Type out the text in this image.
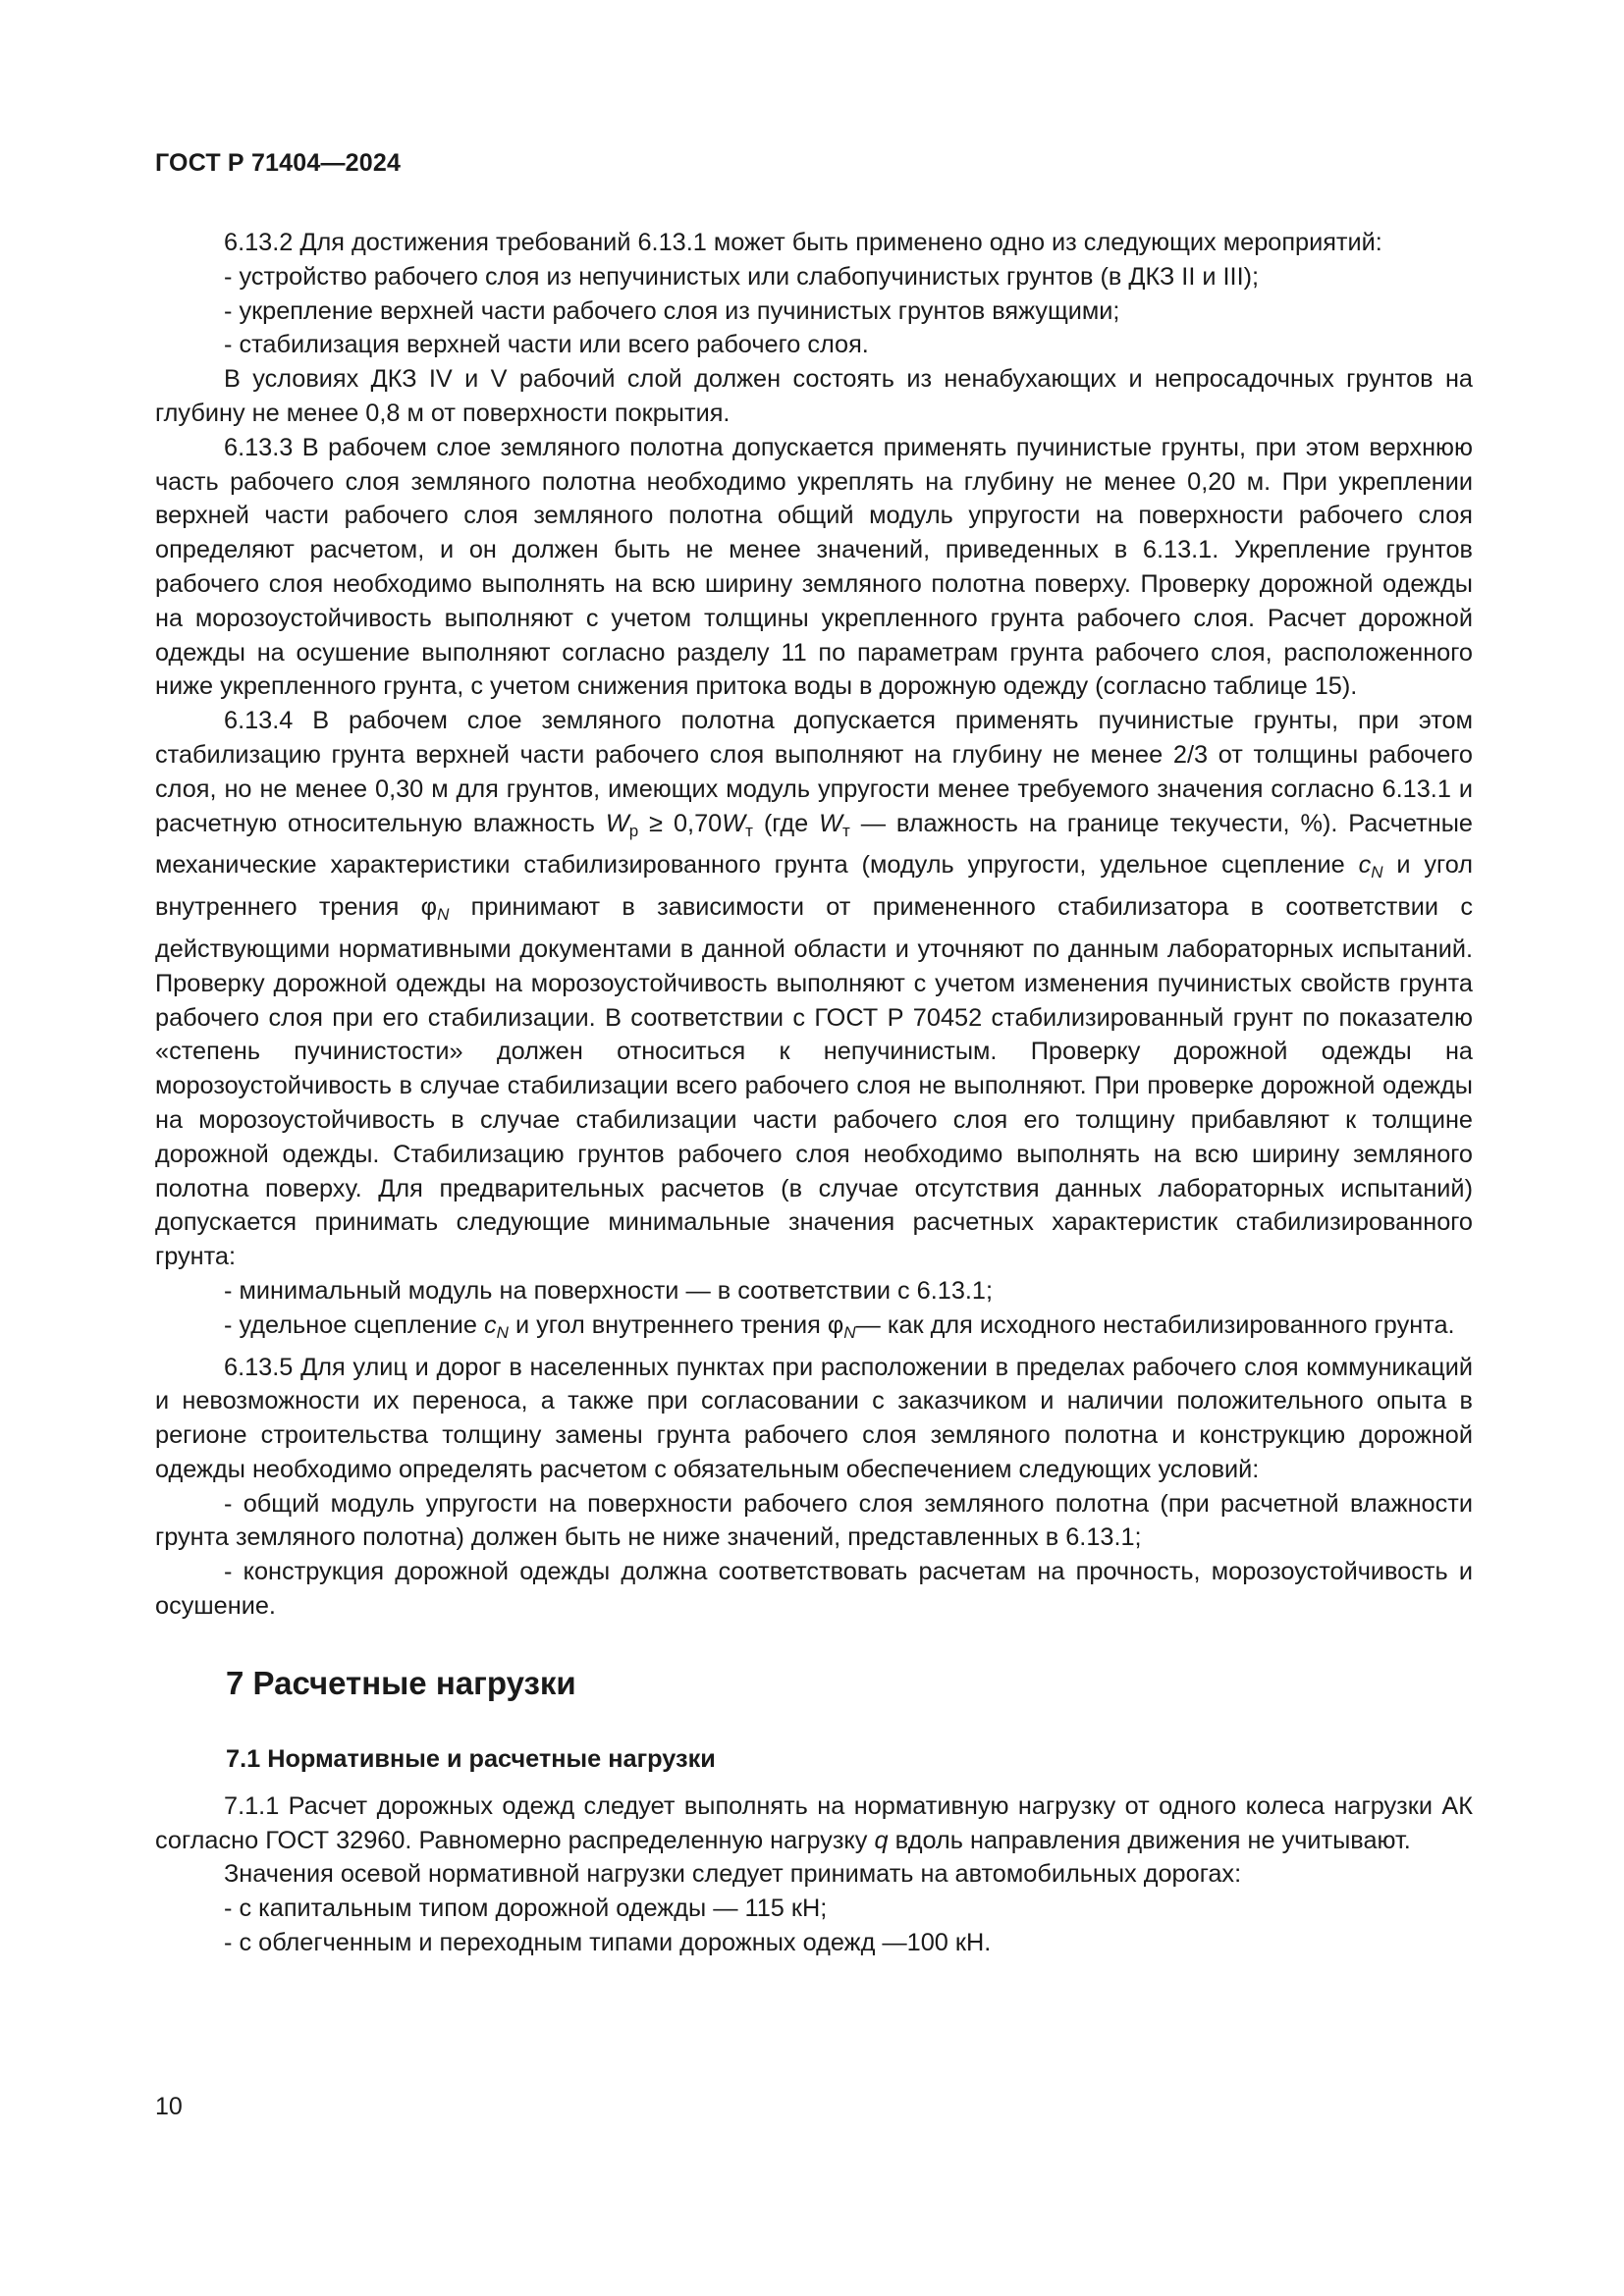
ГОСТ Р 71404—2024

6.13.2 Для достижения требований 6.13.1 может быть применено одно из следующих мероприятий:

- устройство рабочего слоя из непучинистых или слабопучинистых грунтов (в ДКЗ II и III);

- укрепление верхней части рабочего слоя из пучинистых грунтов вяжущими;

- стабилизация верхней части или всего рабочего слоя.

В условиях ДКЗ IV и V рабочий слой должен состоять из ненабухающих и непросадочных грунтов на глубину не менее 0,8 м от поверхности покрытия.

6.13.3 В рабочем слое земляного полотна допускается применять пучинистые грунты, при этом верхнюю часть рабочего слоя земляного полотна необходимо укреплять на глубину не менее 0,20 м. При укреплении верхней части рабочего слоя земляного полотна общий модуль упругости на поверхности рабочего слоя определяют расчетом, и он должен быть не менее значений, приведенных в 6.13.1. Укрепление грунтов рабочего слоя необходимо выполнять на всю ширину земляного полотна поверху. Проверку дорожной одежды на морозоустойчивость выполняют с учетом толщины укрепленного грунта рабочего слоя. Расчет дорожной одежды на осушение выполняют согласно разделу 11 по параметрам грунта рабочего слоя, расположенного ниже укрепленного грунта, с учетом снижения притока воды в дорожную одежду (согласно таблице 15).

6.13.4 В рабочем слое земляного полотна допускается применять пучинистые грунты, при этом стабилизацию грунта верхней части рабочего слоя выполняют на глубину не менее 2/3 от толщины рабочего слоя, но не менее 0,30 м для грунтов, имеющих модуль упругости менее требуемого значения согласно 6.13.1 и расчетную относительную влажность $W_р \ge 0,70W_т$ (где $W_т$ — влажность на границе текучести, %). Расчетные механические характеристики стабилизированного грунта (модуль упругости, удельное сцепление $c_N$ и угол внутреннего трения $\varphi_N$ принимают в зависимости от примененного стабилизатора в соответствии с действующими нормативными документами в данной области и уточняют по данным лабораторных испытаний. Проверку дорожной одежды на морозоустойчивость выполняют с учетом изменения пучинистых свойств грунта рабочего слоя при его стабилизации. В соответствии с ГОСТ Р 70452 стабилизированный грунт по показателю «степень пучинистости» должен относиться к непучинистым. Проверку дорожной одежды на морозоустойчивость в случае стабилизации всего рабочего слоя не выполняют. При проверке дорожной одежды на морозоустойчивость в случае стабилизации части рабочего слоя его толщину прибавляют к толщине дорожной одежды. Стабилизацию грунтов рабочего слоя необходимо выполнять на всю ширину земляного полотна поверху. Для предварительных расчетов (в случае отсутствия данных лабораторных испытаний) допускается принимать следующие минимальные значения расчетных характеристик стабилизированного грунта:

- минимальный модуль на поверхности — в соответствии с 6.13.1;

- удельное сцепление $c_N$ и угол внутреннего трения $\varphi_N—$ как для исходного нестабилизированного грунта.

6.13.5 Для улиц и дорог в населенных пунктах при расположении в пределах рабочего слоя коммуникаций и невозможности их переноса, а также при согласовании с заказчиком и наличии положительного опыта в регионе строительства толщину замены грунта рабочего слоя земляного полотна и конструкцию дорожной одежды необходимо определять расчетом с обязательным обеспечением следующих условий:

- общий модуль упругости на поверхности рабочего слоя земляного полотна (при расчетной влажности грунта земляного полотна) должен быть не ниже значений, представленных в 6.13.1;

- конструкция дорожной одежды должна соответствовать расчетам на прочность, морозоустойчивость и осушение.

7 Расчетные нагрузки
7.1 Нормативные и расчетные нагрузки

7.1.1 Расчет дорожных одежд следует выполнять на нормативную нагрузку от одного колеса нагрузки АК согласно ГОСТ 32960. Равномерно распределенную нагрузку q вдоль направления движения не учитывают.

Значения осевой нормативной нагрузки следует принимать на автомобильных дорогах:

- с капитальным типом дорожной одежды — 115 кН;

- с облегченным и переходным типами дорожных одежд —100 кН.

10
